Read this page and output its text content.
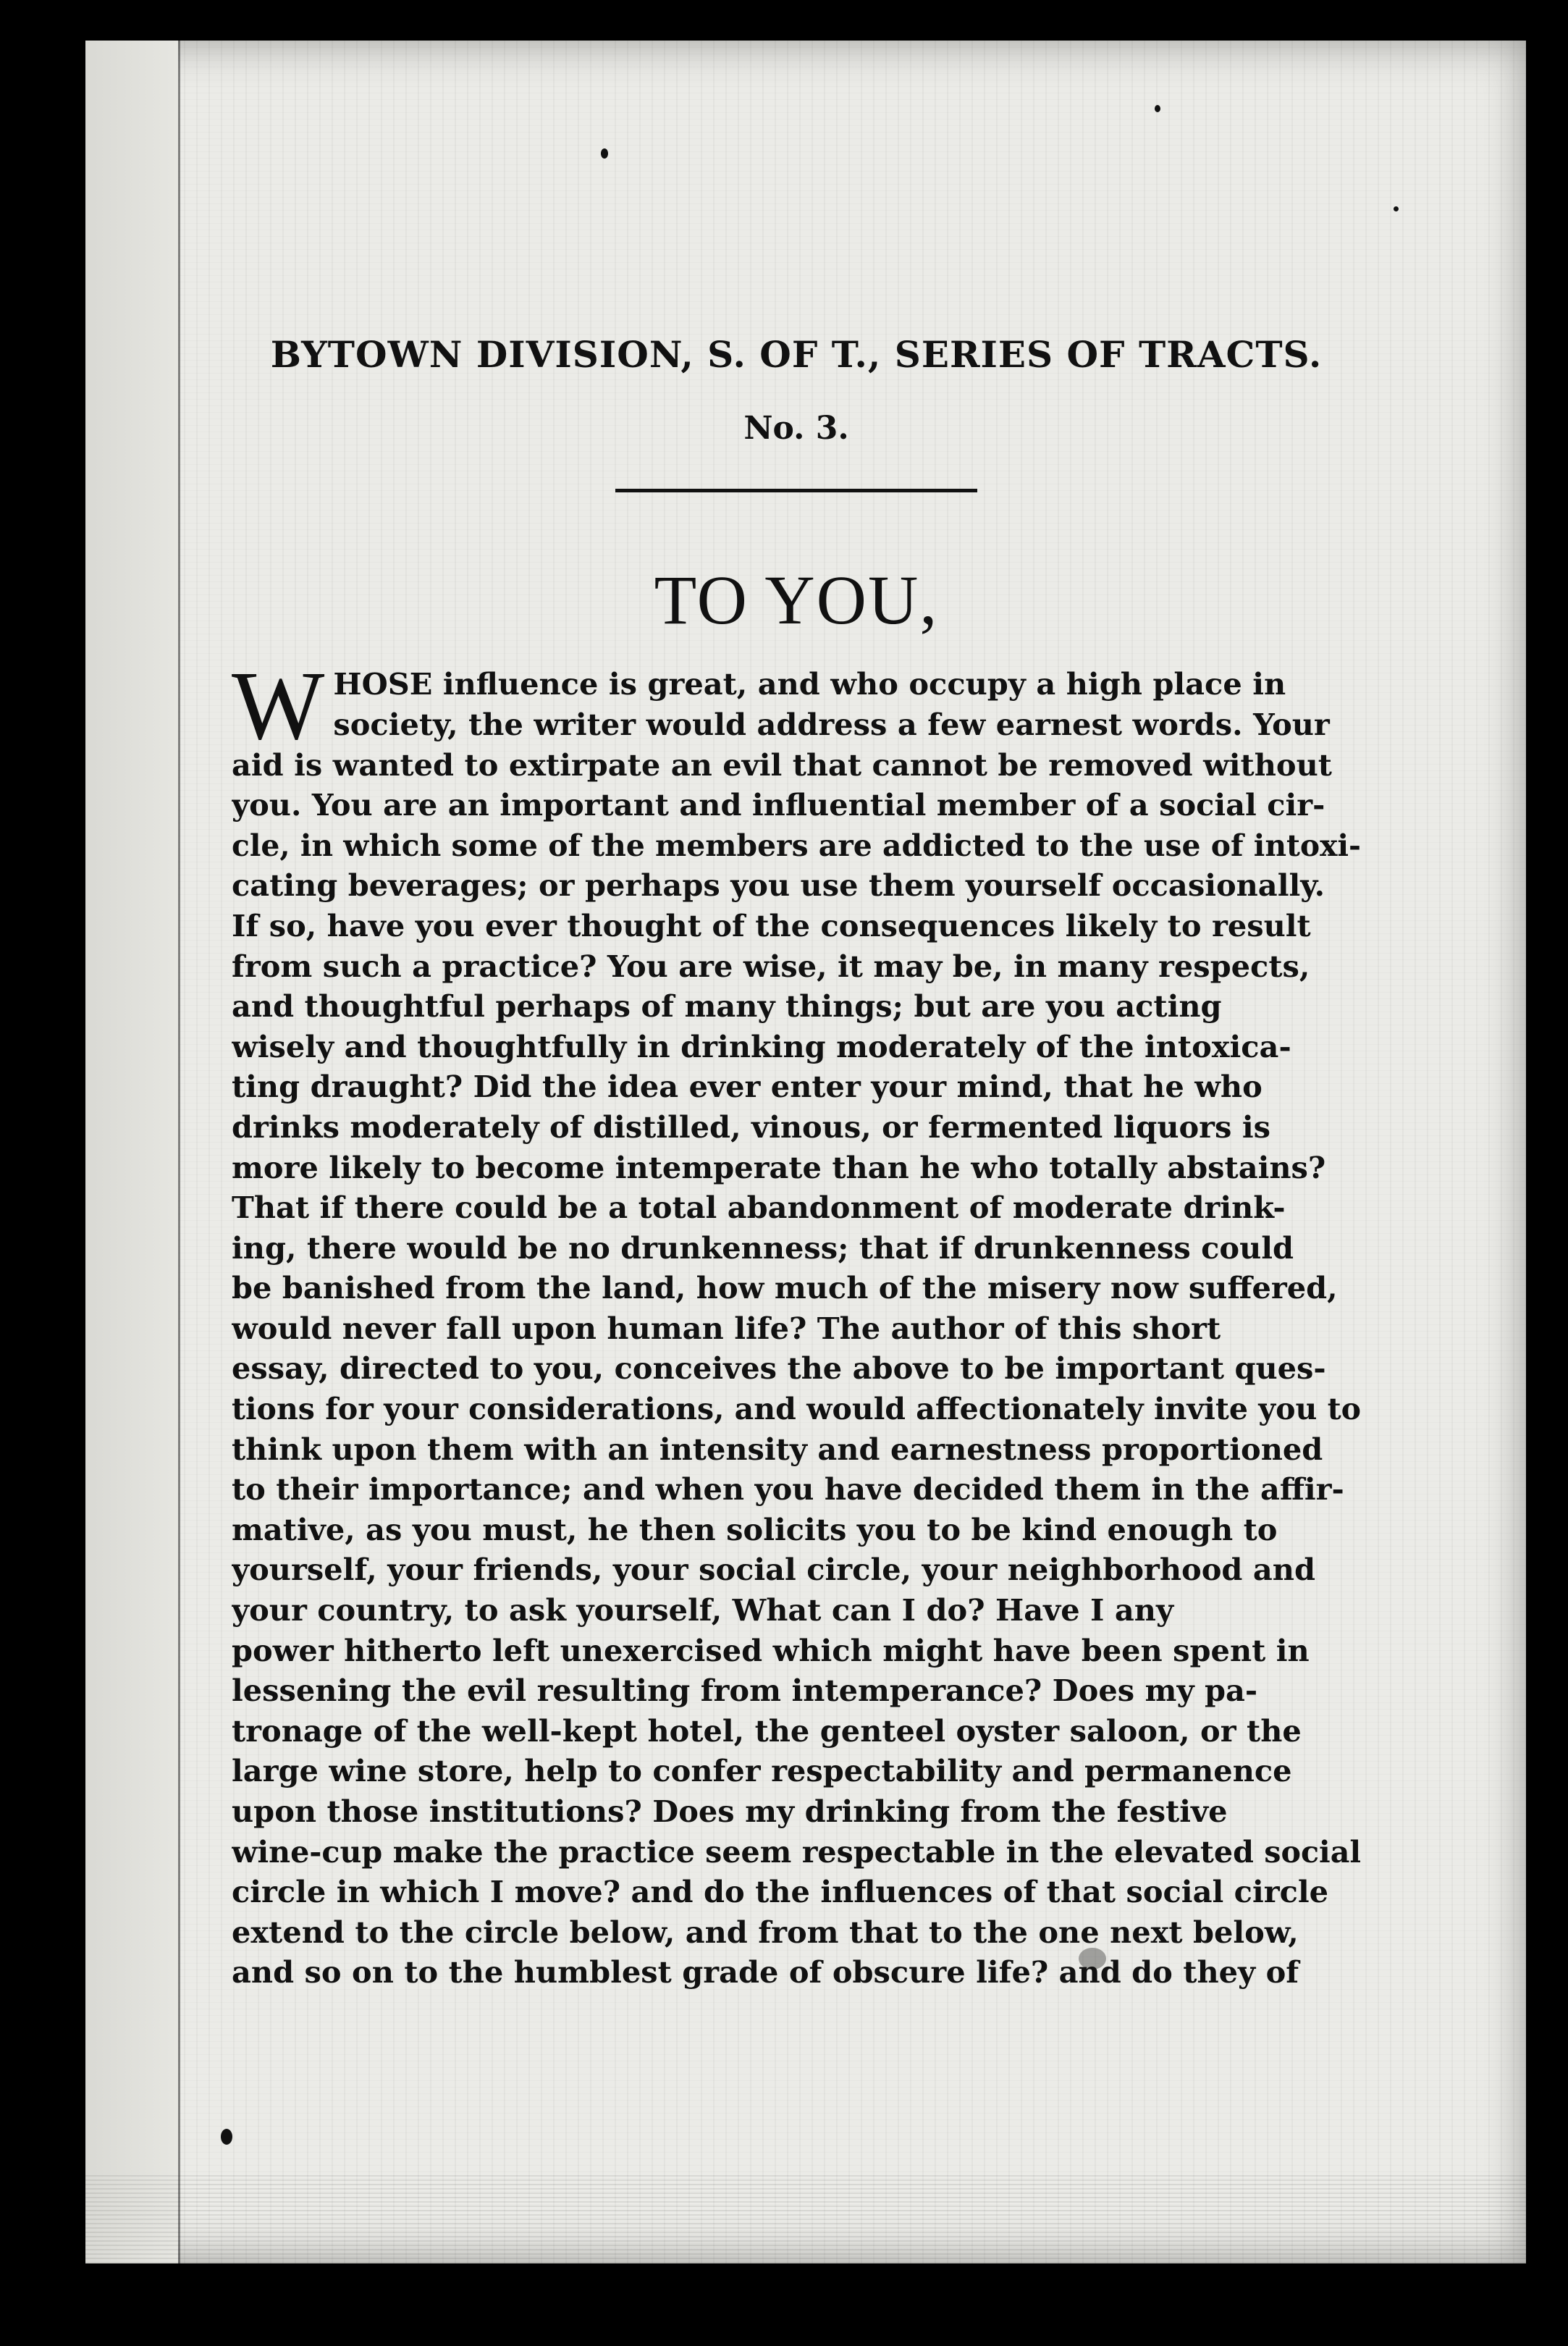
BYTOWN DIVISION, S. OF T., SERIES OF TRACTS.
No. 3.
TO YOU,
W HOSE influence is great, and who occupy a high place in
society, the writer would address a few earnest words. Your
aid is wanted to extirpate an evil that cannot be removed without
you. You are an important and influential member of a social cir-
cle, in which some of the members are addicted to the use of intoxi-
cating beverages; or perhaps you use them yourself occasionally.
If so, have you ever thought of the consequences likely to result
from such a practice? You are wise, it may be, in many respects,
and thoughtful perhaps of many things; but are you acting
wisely and thoughtfully in drinking moderately of the intoxica-
ting draught? Did the idea ever enter your mind, that he who
drinks moderately of distilled, vinous, or fermented liquors is
more likely to become intemperate than he who totally abstains?
That if there could be a total abandonment of moderate drink-
ing, there would be no drunkenness; that if drunkenness could
be banished from the land, how much of the misery now suffered,
would never fall upon human life? The author of this short
essay, directed to you, conceives the above to be important ques-
tions for your considerations, and would affectionately invite you to
think upon them with an intensity and earnestness proportioned
to their importance; and when you have decided them in the affir-
mative, as you must, he then solicits you to be kind enough to
yourself, your friends, your social circle, your neighborhood and
your country, to ask yourself, What can I do? Have I any
power hitherto left unexercised which might have been spent in
lessening the evil resulting from intemperance? Does my pa-
tronage of the well-kept hotel, the genteel oyster saloon, or the
large wine store, help to confer respectability and permanence
upon those institutions? Does my drinking from the festive
wine-cup make the practice seem respectable in the elevated social
circle in which I move? and do the influences of that social circle
extend to the circle below, and from that to the one next below,
and so on to the humblest grade of obscure life? and do they of
